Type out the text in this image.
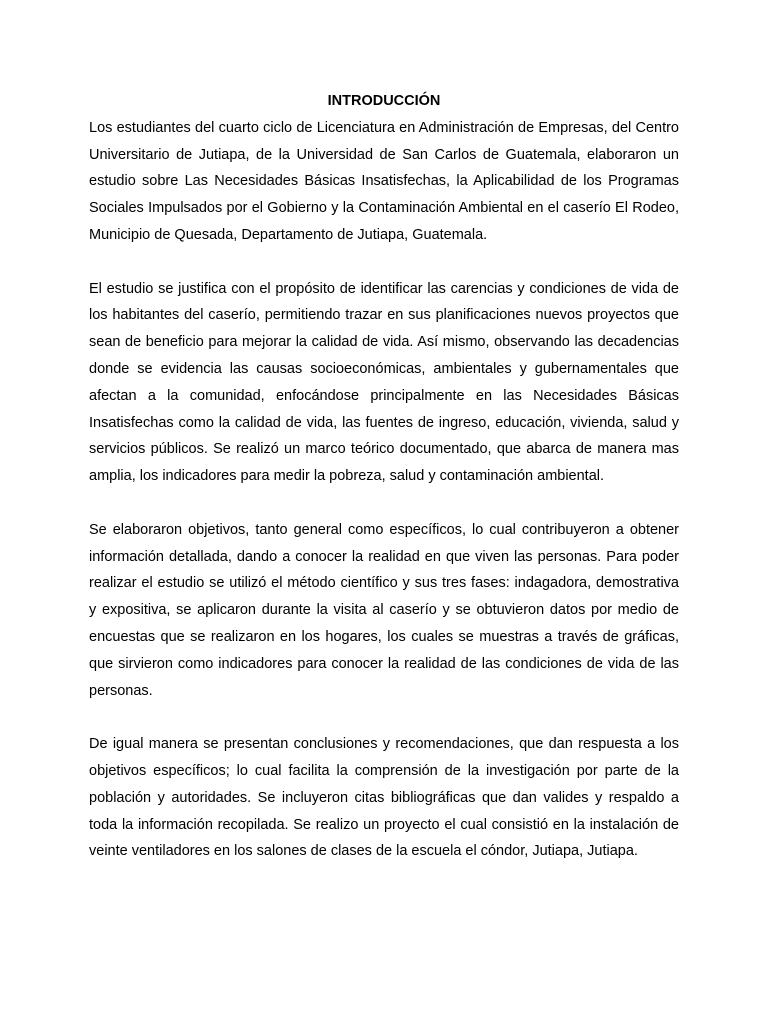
INTRODUCCIÓN

Los estudiantes del cuarto ciclo de Licenciatura en Administración de Empresas, del Centro Universitario de Jutiapa, de la Universidad de San Carlos de Guatemala, elaboraron un estudio sobre Las Necesidades Básicas Insatisfechas, la Aplicabilidad de los Programas Sociales Impulsados por el Gobierno y la Contaminación Ambiental en el caserío El Rodeo, Municipio de Quesada, Departamento de Jutiapa, Guatemala.

El estudio se justifica con el propósito de identificar las carencias y condiciones de vida de los habitantes del caserío, permitiendo trazar en sus planificaciones nuevos proyectos que sean de beneficio para mejorar la calidad de vida. Así mismo, observando las decadencias donde se evidencia las causas socioeconómicas, ambientales y gubernamentales que afectan a la comunidad, enfocándose principalmente en las Necesidades Básicas Insatisfechas como la calidad de vida, las fuentes de ingreso, educación, vivienda, salud y servicios públicos. Se realizó un marco teórico documentado, que abarca de manera mas amplia, los indicadores para medir la pobreza, salud y contaminación ambiental.

Se elaboraron objetivos, tanto general como específicos, lo cual contribuyeron a obtener información detallada, dando a conocer la realidad en que viven las personas. Para poder realizar el estudio se utilizó el método científico y sus tres fases: indagadora, demostrativa y expositiva, se aplicaron durante la visita al caserío y se obtuvieron datos por medio de encuestas que se realizaron en los hogares, los cuales se muestras a través de gráficas, que sirvieron como indicadores para conocer la realidad de las condiciones de vida de las personas.

De igual manera se presentan conclusiones y recomendaciones, que dan respuesta a los objetivos específicos; lo cual facilita la comprensión de la investigación por parte de la población y autoridades. Se incluyeron citas bibliográficas que dan valides y respaldo a toda la información recopilada. Se realizo un proyecto el cual consistió en la instalación de veinte ventiladores en los salones de clases de la escuela el cóndor, Jutiapa, Jutiapa.
